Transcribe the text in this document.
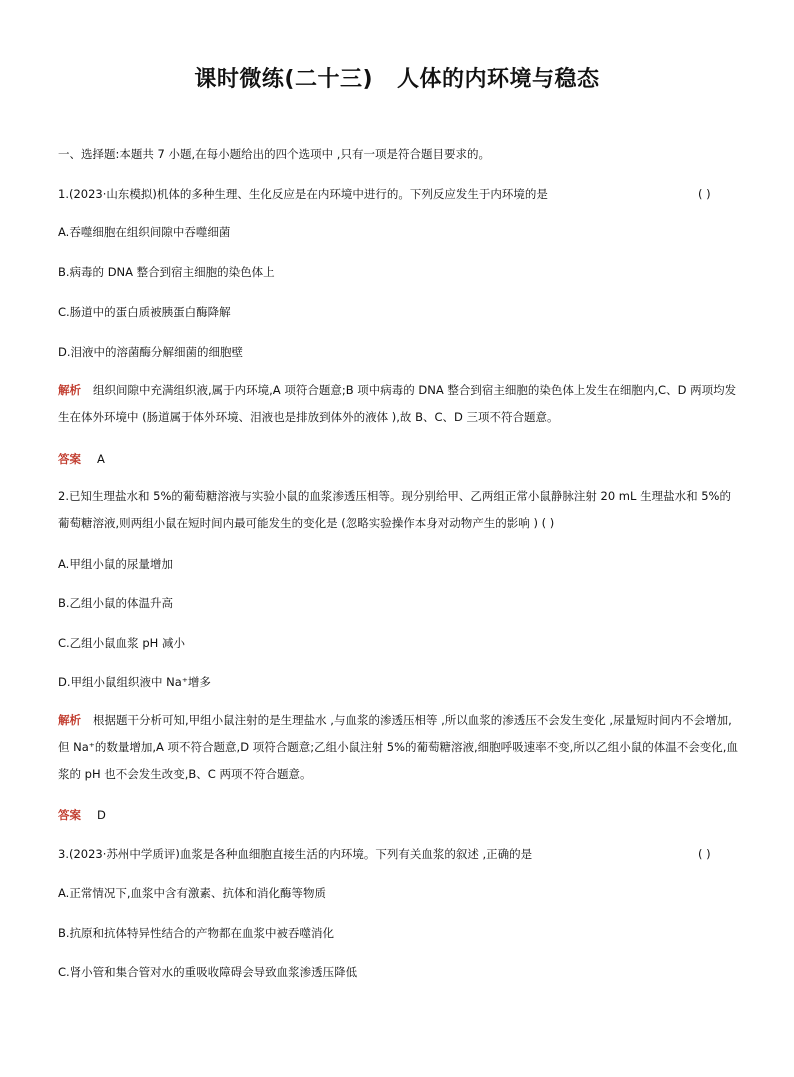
课时微练(二十三) 人体的内环境与稳态
一、选择题:本题共 7 小题,在每小题给出的四个选项中 ,只有一项是符合题目要求的。
1.(2023·山东模拟)机体的多种生理、生化反应是在内环境中进行的。下列反应发生于内环境的是	( )
A.吞噬细胞在组织间隙中吞噬细菌
B.病毒的 DNA 整合到宿主细胞的染色体上
C.肠道中的蛋白质被胰蛋白酶降解
D.泪液中的溶菌酶分解细菌的细胞壁
解析 组织间隙中充满组织液,属于内环境,A 项符合题意;B 项中病毒的 DNA 整合到宿主细胞的染色体上发生在细胞内,C、D 两项均发生在体外环境中 (肠道属于体外环境、泪液也是排放到体外的液体 ),故 B、C、D 三项不符合题意。
答案 A
2.已知生理盐水和 5%的葡萄糖溶液与实验小鼠的血浆渗透压相等。现分别给甲、乙两组正常小鼠静脉注射 20 mL 生理盐水和 5%的葡萄糖溶液,则两组小鼠在短时间内最可能发生的变化是 (忽略实验操作本身对动物产生的影响 ) ( )
A.甲组小鼠的尿量增加
B.乙组小鼠的体温升高
C.乙组小鼠血浆 pH 减小
D.甲组小鼠组织液中 Na⁺增多
解析 根据题干分析可知,甲组小鼠注射的是生理盐水 ,与血浆的渗透压相等 ,所以血浆的渗透压不会发生变化 ,尿量短时间内不会增加,但 Na⁺的数量增加,A 项不符合题意,D 项符合题意;乙组小鼠注射 5%的葡萄糖溶液,细胞呼吸速率不变,所以乙组小鼠的体温不会变化,血浆的 pH 也不会发生改变,B、C 两项不符合题意。
答案 D
3.(2023·苏州中学质评)血浆是各种血细胞直接生活的内环境。下列有关血浆的叙述 ,正确的是	( )
A.正常情况下,血浆中含有激素、抗体和消化酶等物质
B.抗原和抗体特异性结合的产物都在血浆中被吞噬消化
C.肾小管和集合管对水的重吸收障碍会导致血浆渗透压降低
